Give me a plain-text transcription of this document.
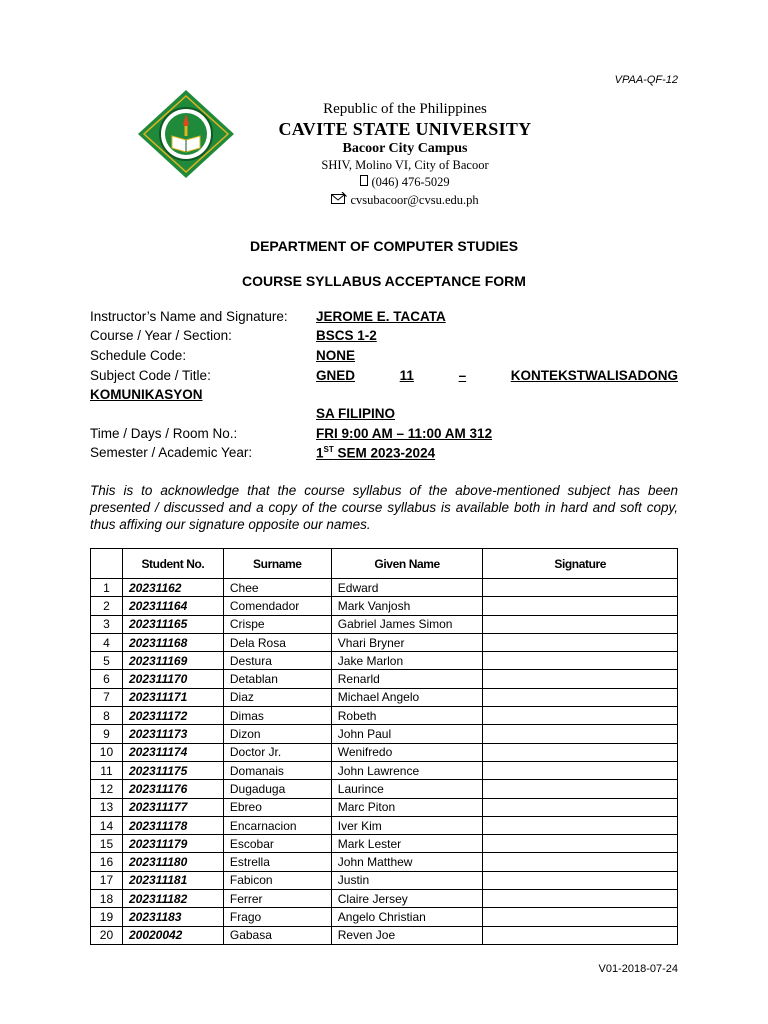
VPAA-QF-12
Republic of the Philippines
CAVITE STATE UNIVERSITY
Bacoor City Campus
SHIV, Molino VI, City of Bacoor
(046) 476-5029
cvsubacoor@cvsu.edu.ph
DEPARTMENT OF COMPUTER STUDIES
COURSE SYLLABUS ACCEPTANCE FORM
Instructor’s Name and Signature: JEROME E. TACATA
Course / Year / Section:	BSCS 1-2
Schedule Code:	NONE
Subject Code / Title:	GNED	11	–	KONTEKSTWALISADONG
KOMUNIKASYON
SA FILIPINO
Time / Days / Room No.:	FRI 9:00 AM – 11:00 AM 312
Semester / Academic Year:	1ST SEM 2023-2024
This is to acknowledge that the course syllabus of the above-mentioned subject has been presented / discussed and a copy of the course syllabus is available both in hard and soft copy, thus affixing our signature opposite our names.
	Student No.	Surname	Given Name	Signature
1	20231162	Chee	Edward	
2	202311164	Comendador	Mark Vanjosh	
3	202311165	Crispe	Gabriel James Simon	
4	202311168	Dela Rosa	Vhari Bryner	
5	202311169	Destura	Jake Marlon	
6	202311170	Detablan	Renarld	
7	202311171	Diaz	Michael Angelo	
8	202311172	Dimas	Robeth	
9	202311173	Dizon	John Paul	
10	202311174	Doctor Jr.	Wenifredo	
11	202311175	Domanais	John Lawrence	
12	202311176	Dugaduga	Laurince	
13	202311177	Ebreo	Marc Piton	
14	202311178	Encarnacion	Iver Kim	
15	202311179	Escobar	Mark Lester	
16	202311180	Estrella	John Matthew	
17	202311181	Fabicon	Justin	
18	202311182	Ferrer	Claire Jersey	
19	20231183	Frago	Angelo Christian	
20	20020042	Gabasa	Reven Joe	
V01-2018-07-24
